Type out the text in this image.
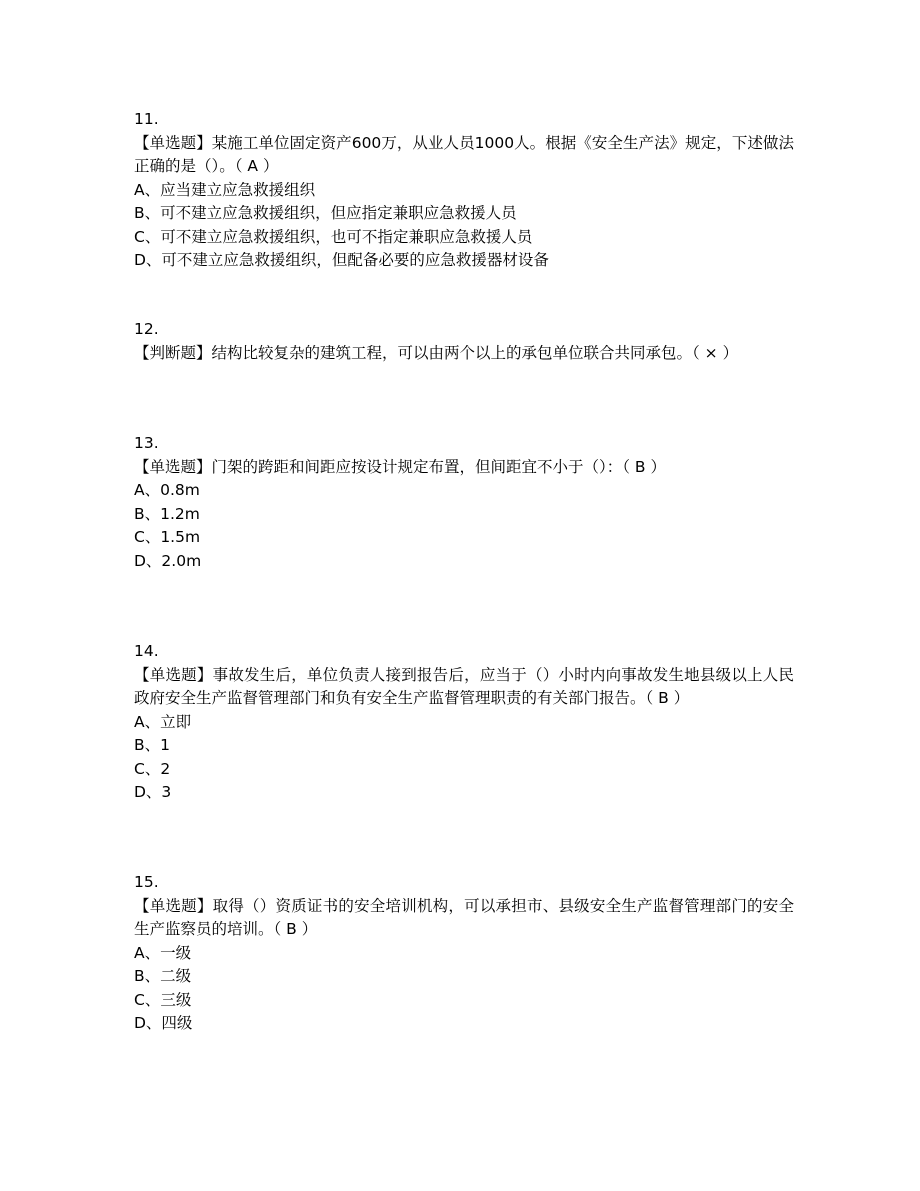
11.
【单选题】某施工单位固定资产600万，从业人员1000人。根据《安全生产法》规定，下述做法正确的是（）。（ A ）
A、应当建立应急救援组织
B、可不建立应急救援组织，但应指定兼职应急救援人员
C、可不建立应急救援组织，也可不指定兼职应急救援人员
D、可不建立应急救援组织，但配备必要的应急救援器材设备
12.
【判断题】结构比较复杂的建筑工程，可以由两个以上的承包单位联合共同承包。（ × ）
13.
【单选题】门架的跨距和间距应按设计规定布置，但间距宜不小于（）：（ B ）
A、0.8m
B、1.2m
C、1.5m
D、2.0m
14.
【单选题】事故发生后，单位负责人接到报告后，应当于（）小时内向事故发生地县级以上人民政府安全生产监督管理部门和负有安全生产监督管理职责的有关部门报告。（ B ）
A、立即
B、1
C、2
D、3
15.
【单选题】取得（）资质证书的安全培训机构，可以承担市、县级安全生产监督管理部门的安全生产监察员的培训。（ B ）
A、一级
B、二级
C、三级
D、四级
